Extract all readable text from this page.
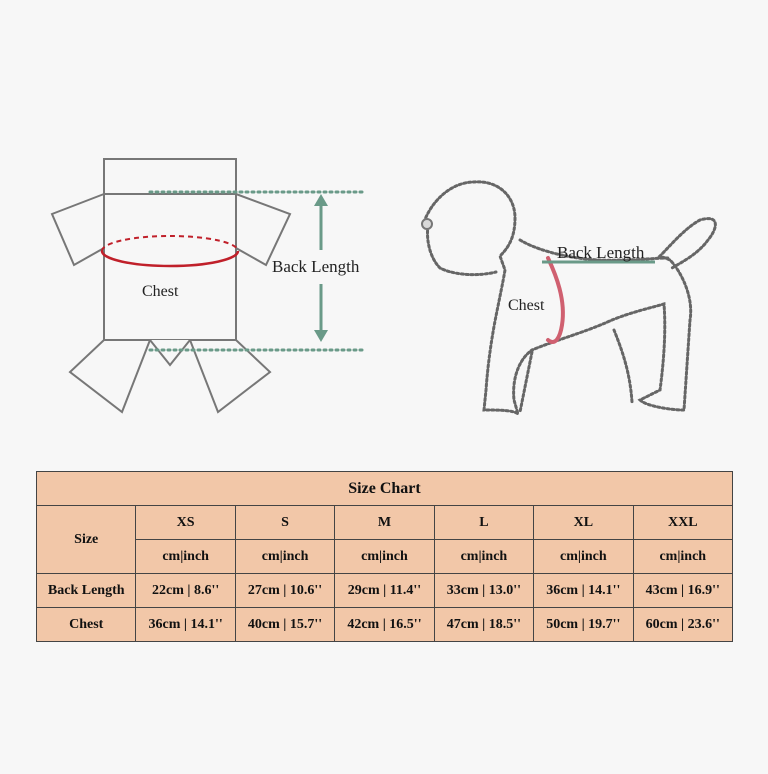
Back Length
Chest
Back Length
Chest
Size Chart						
Size	XS	S	M	L	XL	XXL
	cm|inch	cm|inch	cm|inch	cm|inch	cm|inch	cm|inch
Back Length	22cm | 8.6''	27cm | 10.6''	29cm | 11.4''	33cm | 13.0''	36cm | 14.1''	43cm | 16.9''
Chest	36cm | 14.1''	40cm | 15.7''	42cm | 16.5''	47cm | 18.5''	50cm | 19.7''	60cm | 23.6''
